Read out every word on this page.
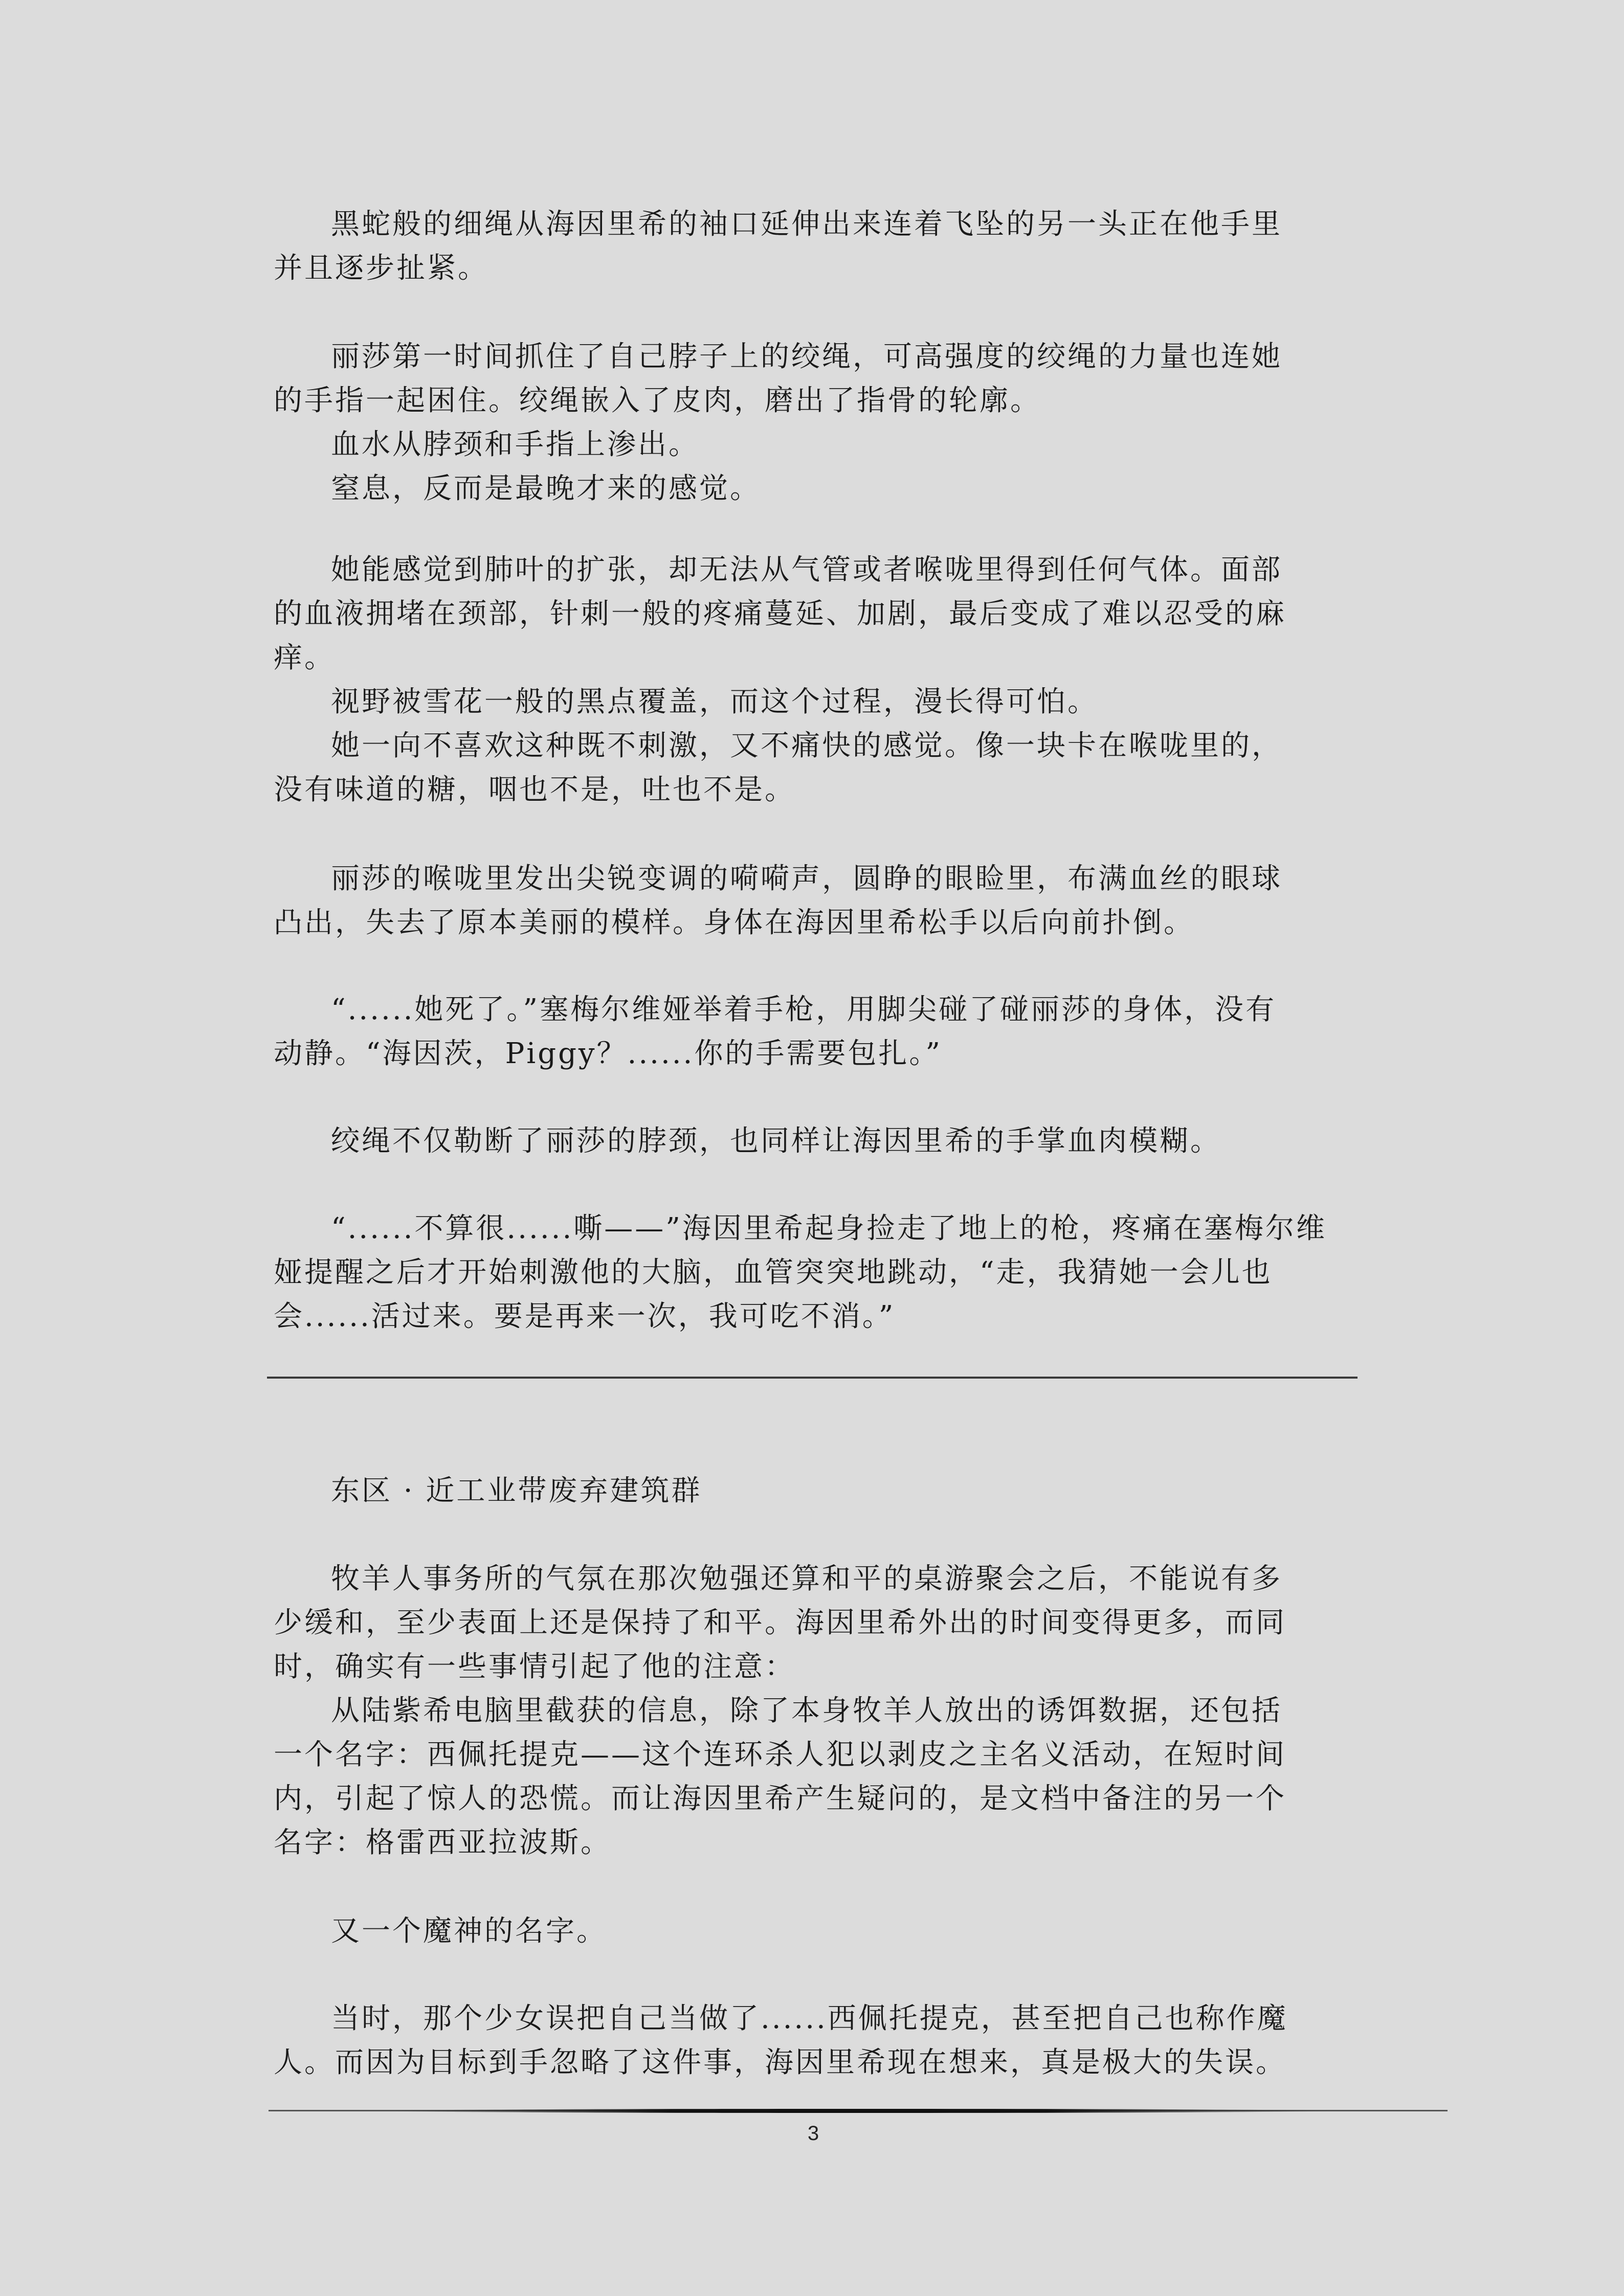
黑蛇般的细绳从海因里希的袖口延伸出来连着飞坠的另一头正在他手里

并且逐步扯紧。

丽莎第一时间抓住了自己脖子上的绞绳，可高强度的绞绳的力量也连她

的手指一起困住。绞绳嵌入了皮肉，磨出了指骨的轮廓。

血水从脖颈和手指上渗出。

窒息，反而是最晚才来的感觉。

她能感觉到肺叶的扩张，却无法从气管或者喉咙里得到任何气体。面部

的血液拥堵在颈部，针刺一般的疼痛蔓延、加剧，最后变成了难以忍受的麻

痒。

视野被雪花一般的黑点覆盖，而这个过程，漫长得可怕。

她一向不喜欢这种既不刺激，又不痛快的感觉。像一块卡在喉咙里的，

没有味道的糖，咽也不是，吐也不是。

丽莎的喉咙里发出尖锐变调的嗬嗬声，圆睁的眼睑里，布满血丝的眼球

凸出，失去了原本美丽的模样。身体在海因里希松手以后向前扑倒。

“......她死了。”塞梅尔维娅举着手枪，用脚尖碰了碰丽莎的身体，没有

动静。“海因茨，Piggy？......你的手需要包扎。”

绞绳不仅勒断了丽莎的脖颈，也同样让海因里希的手掌血肉模糊。

“......不算很......嘶——”海因里希起身捡走了地上的枪，疼痛在塞梅尔维

娅提醒之后才开始刺激他的大脑，血管突突地跳动，“走，我猜她一会儿也

会......活过来。要是再来一次，我可吃不消。”

东区 · 近工业带废弃建筑群

牧羊人事务所的气氛在那次勉强还算和平的桌游聚会之后，不能说有多

少缓和，至少表面上还是保持了和平。海因里希外出的时间变得更多，而同

时，确实有一些事情引起了他的注意：

从陆紫希电脑里截获的信息，除了本身牧羊人放出的诱饵数据，还包括

一个名字：西佩托提克——这个连环杀人犯以剥皮之主名义活动，在短时间

内，引起了惊人的恐慌。而让海因里希产生疑问的，是文档中备注的另一个

名字：格雷西亚拉波斯。

又一个魔神的名字。

当时，那个少女误把自己当做了......西佩托提克，甚至把自己也称作魔

人。而因为目标到手忽略了这件事，海因里希现在想来，真是极大的失误。

3
